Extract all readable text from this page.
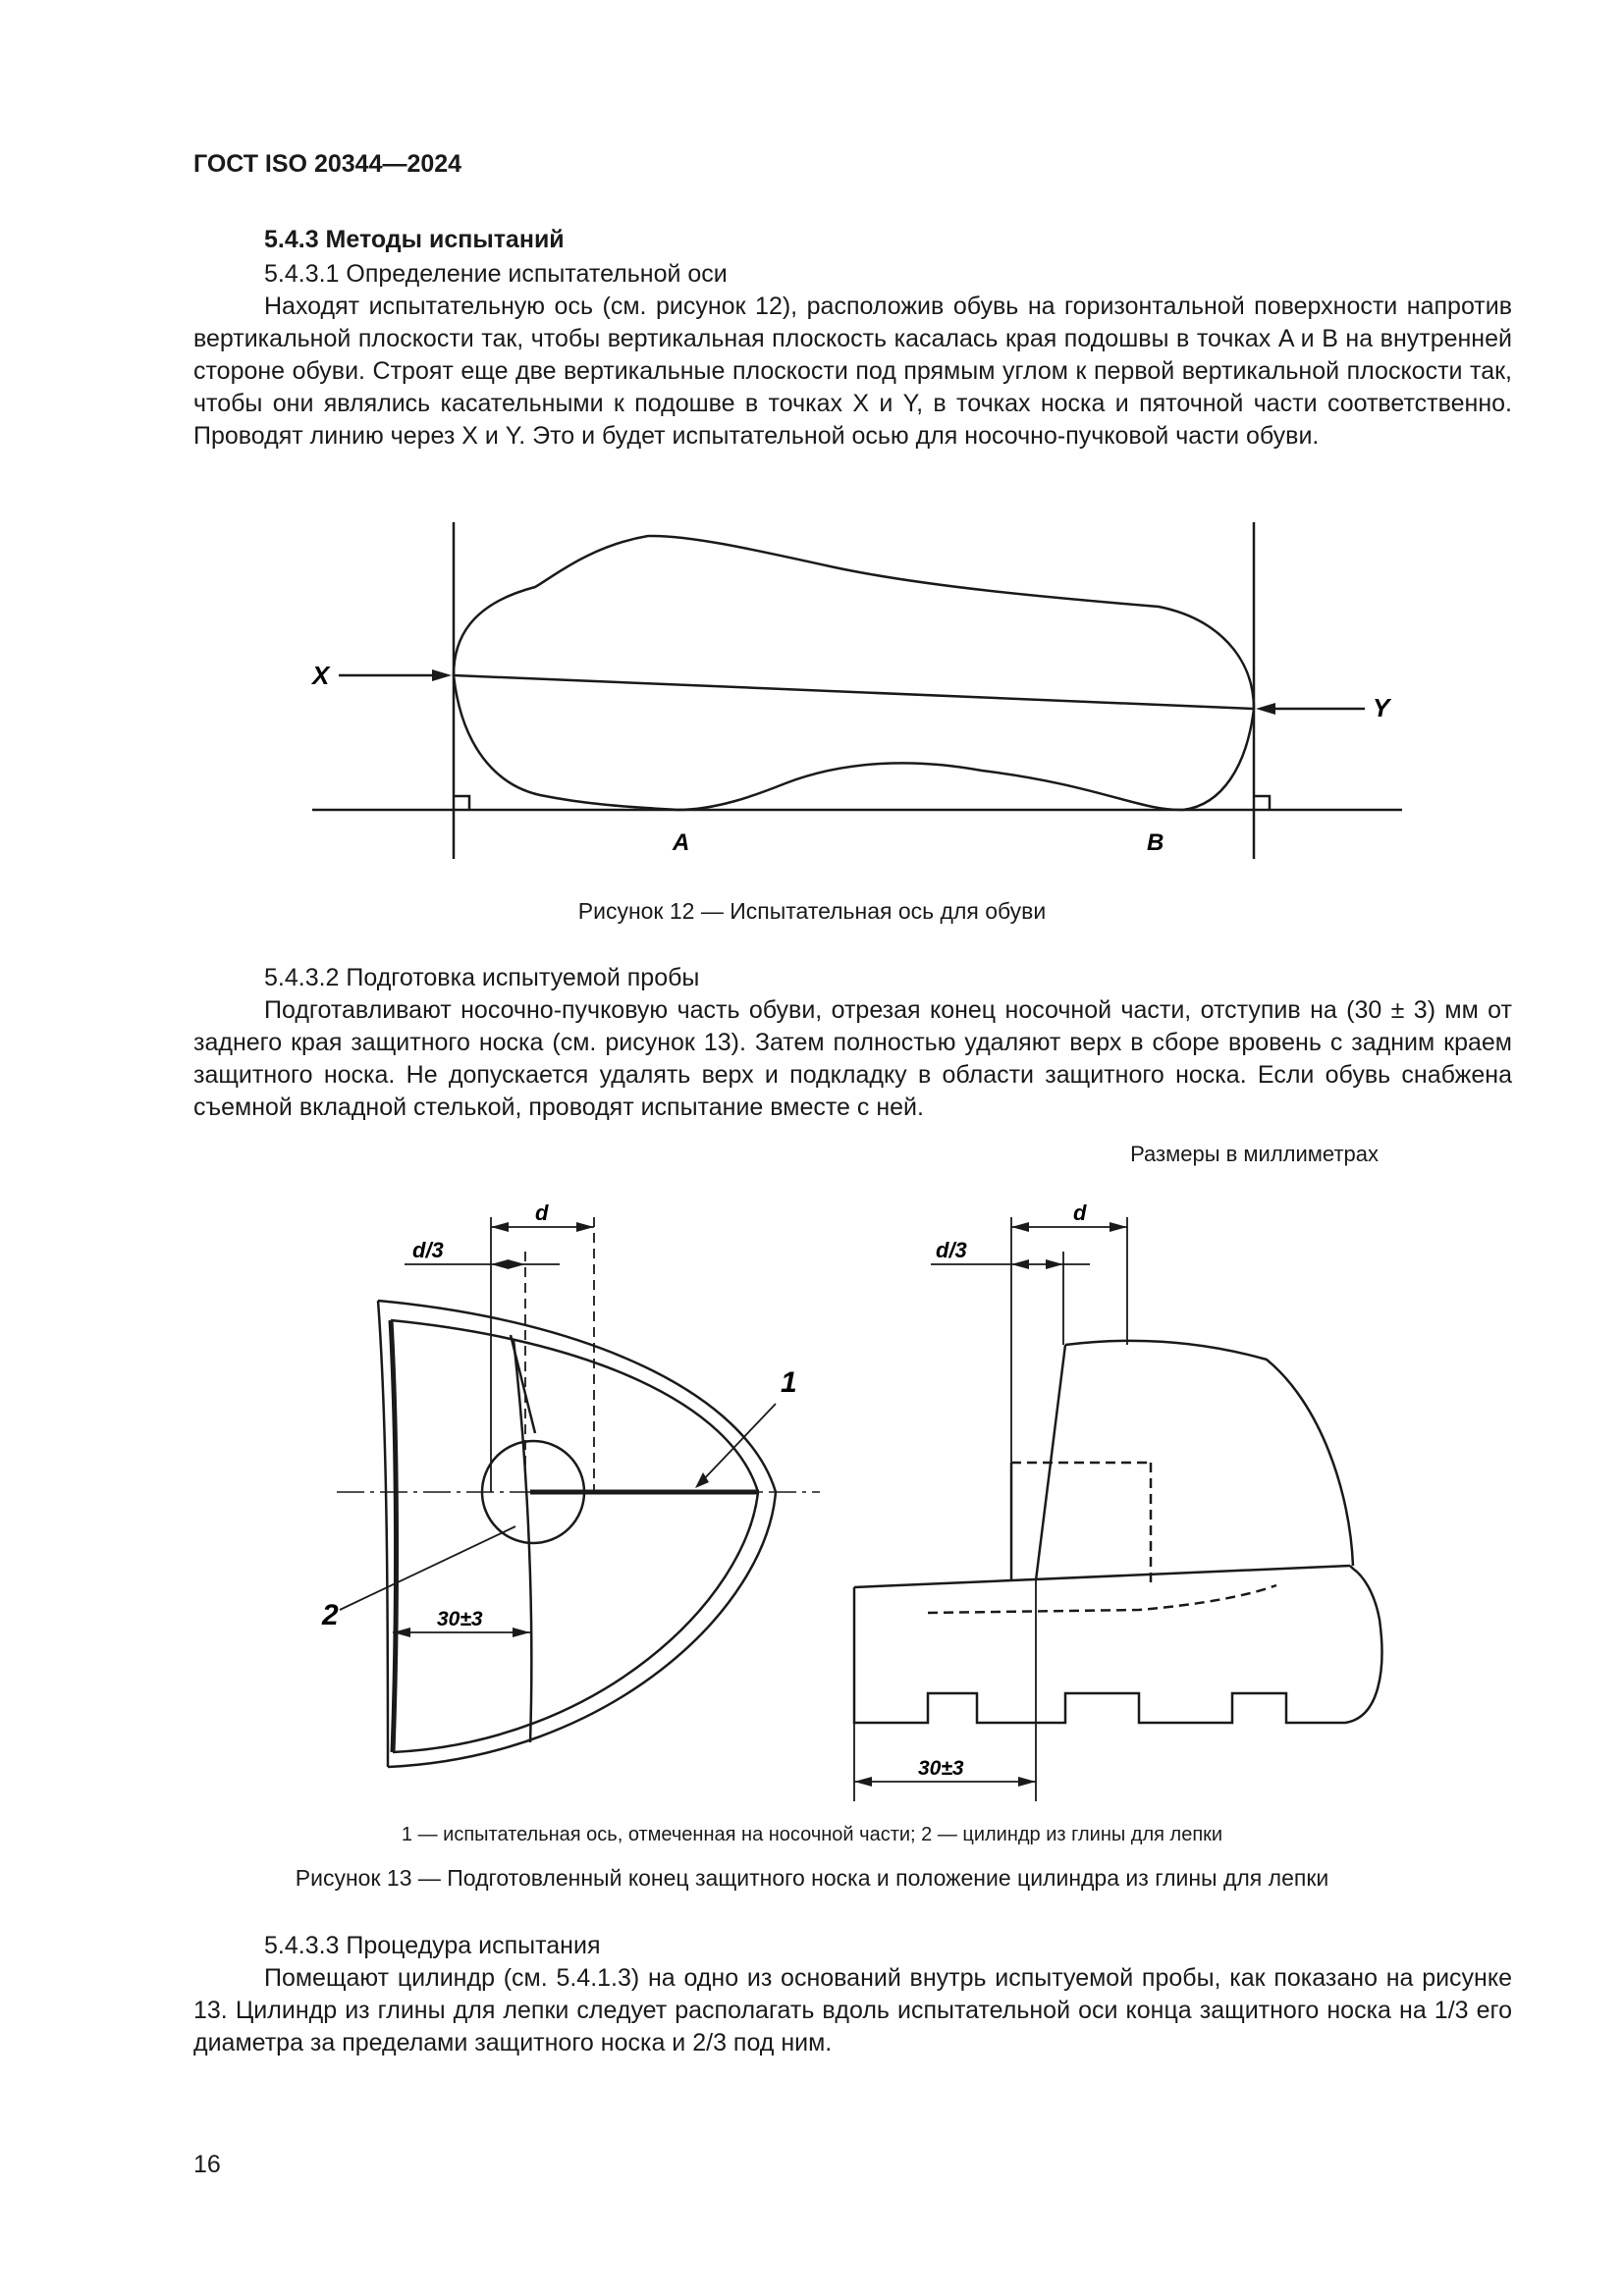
ГОСТ ISO 20344—2024
5.4.3 Методы испытаний
5.4.3.1 Определение испытательной оси

Находят испытательную ось (см. рисунок 12), расположив обувь на горизонтальной поверхности напротив вертикальной плоскости так, чтобы вертикальная плоскость касалась края подошвы в точках A и B на внутренней стороне обуви. Строят еще две вертикальные плоскости под прямым углом к первой вертикальной плоскости так, чтобы они являлись касательными к подошве в точках X и Y, в точках носка и пяточной части соответственно. Проводят линию через X и Y. Это и будет испытательной осью для носочно-пучковой части обуви.

X
Y
A	B
Рисунок 12 — Испытательная ось для обуви
5.4.3.2 Подготовка испытуемой пробы

Подготавливают носочно-пучковую часть обуви, отрезая конец носочной части, отступив на (30 ± 3) мм от заднего края защитного носка (см. рисунок 13). Затем полностью удаляют верх в сборе вровень с задним краем защитного носка. Не допускается удалять верх и подкладку в области защитного носка. Если обувь снабжена съемной вкладной стелькой, проводят испытание вместе с ней.

Размеры в миллиметрах
d
d/3
30±3
1
2
d
d/3
30±3
1 — испытательная ось, отмеченная на носочной части; 2 — цилиндр из глины для лепки
Рисунок 13 — Подготовленный конец защитного носка и положение цилиндра из глины для лепки
5.4.3.3 Процедура испытания

Помещают цилиндр (см. 5.4.1.3) на одно из оснований внутрь испытуемой пробы, как показано на рисунке 13. Цилиндр из глины для лепки следует располагать вдоль испытательной оси конца защитного носка на 1/3 его диаметра за пределами защитного носка и 2/3 под ним.

16
